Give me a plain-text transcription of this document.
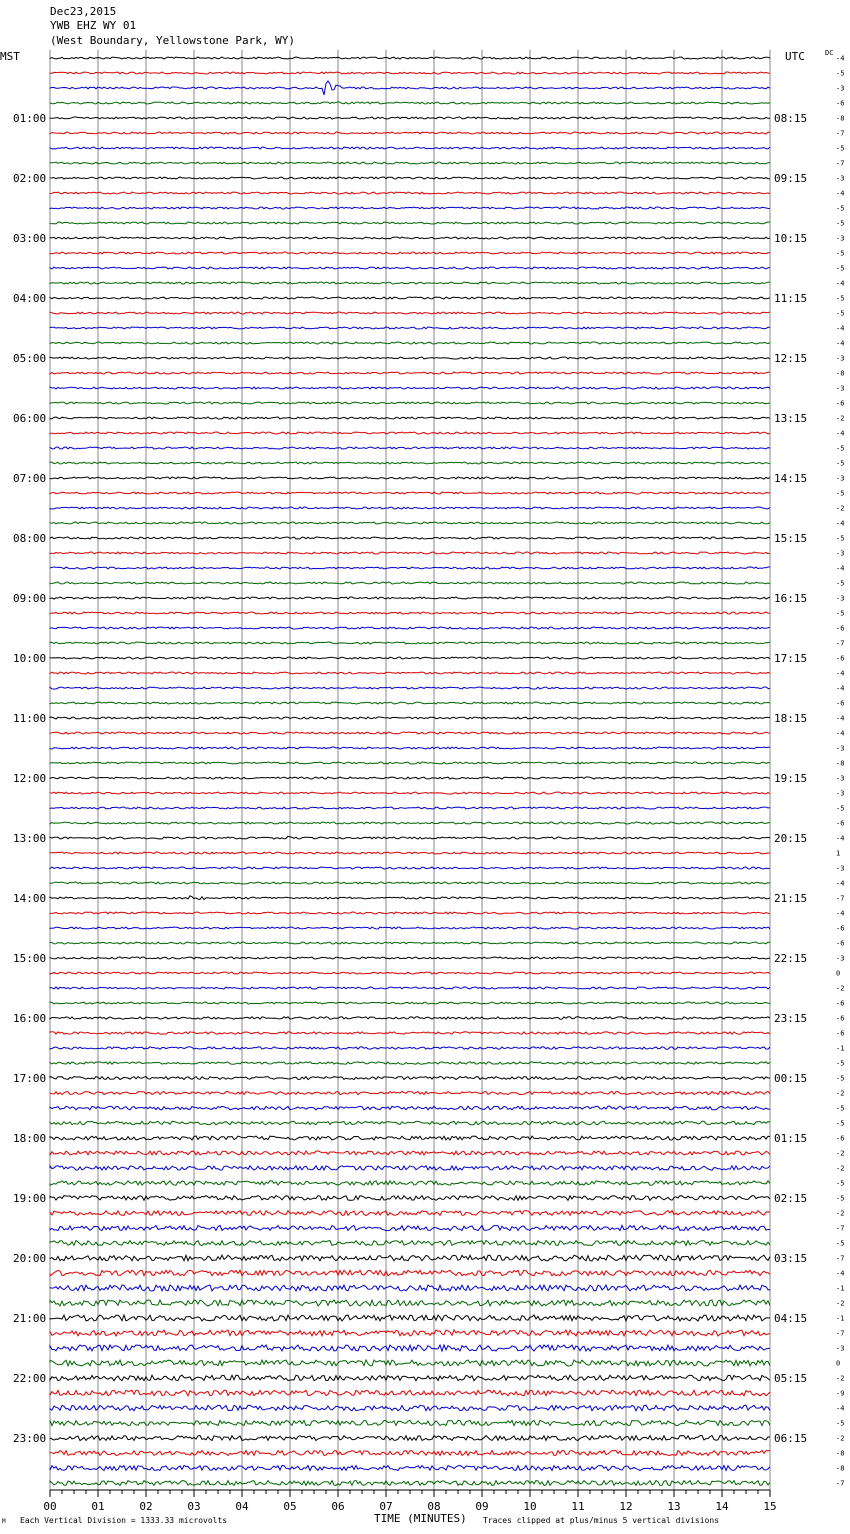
Dec23,2015
YWB EHZ WY 01
(West Boundary, Yellowstone Park, WY)
MST	UTC	DC
-4
-5
-3
-6
-8
-7
-5
-7
-3
-4
-5
-5
-3
-5
-5
-4
-5
-5
-4
-4
-3
-8
-3
-6
-2
-4
-5
-5
-3
-5
-2
-4
-5
-3
-4
-5
-3
-5
-6
-7
-6
-4
-4
-6
-4
-4
-3
-8
-3
-3
-5
-6
-4
1
-3
-4
-7
-4
-6
-6
-3
0
-2
-6
-6
-6
-1
-5
-5
-2
-5
-5
-6
-2
-2
-5
-5
-2
-7
-5
-7
-4
-1
-2
-1
-7
-3
0
-2
-9
-4
-5
-2
-8
-8
-7
01:00
02:00
03:00
04:00
05:00
06:00
07:00
08:00
09:00
10:00
11:00
12:00
13:00
14:00
15:00
16:00
17:00
18:00
19:00
20:00
21:00
22:00
23:00
08:15
09:15
10:15
11:15
12:15
13:15
14:15
15:15
16:15
17:15
18:15
19:15
20:15
21:15
22:15
23:15
00:15
01:15
02:15
03:15
04:15
05:15
06:15
00	01	02	03	04	05	06	07	08	09	10	11	12	13	14	15
M Each Vertical Division = 1333.33 microvolts	TIME (MINUTES) Traces clipped at plus/minus 5 vertical divisions
